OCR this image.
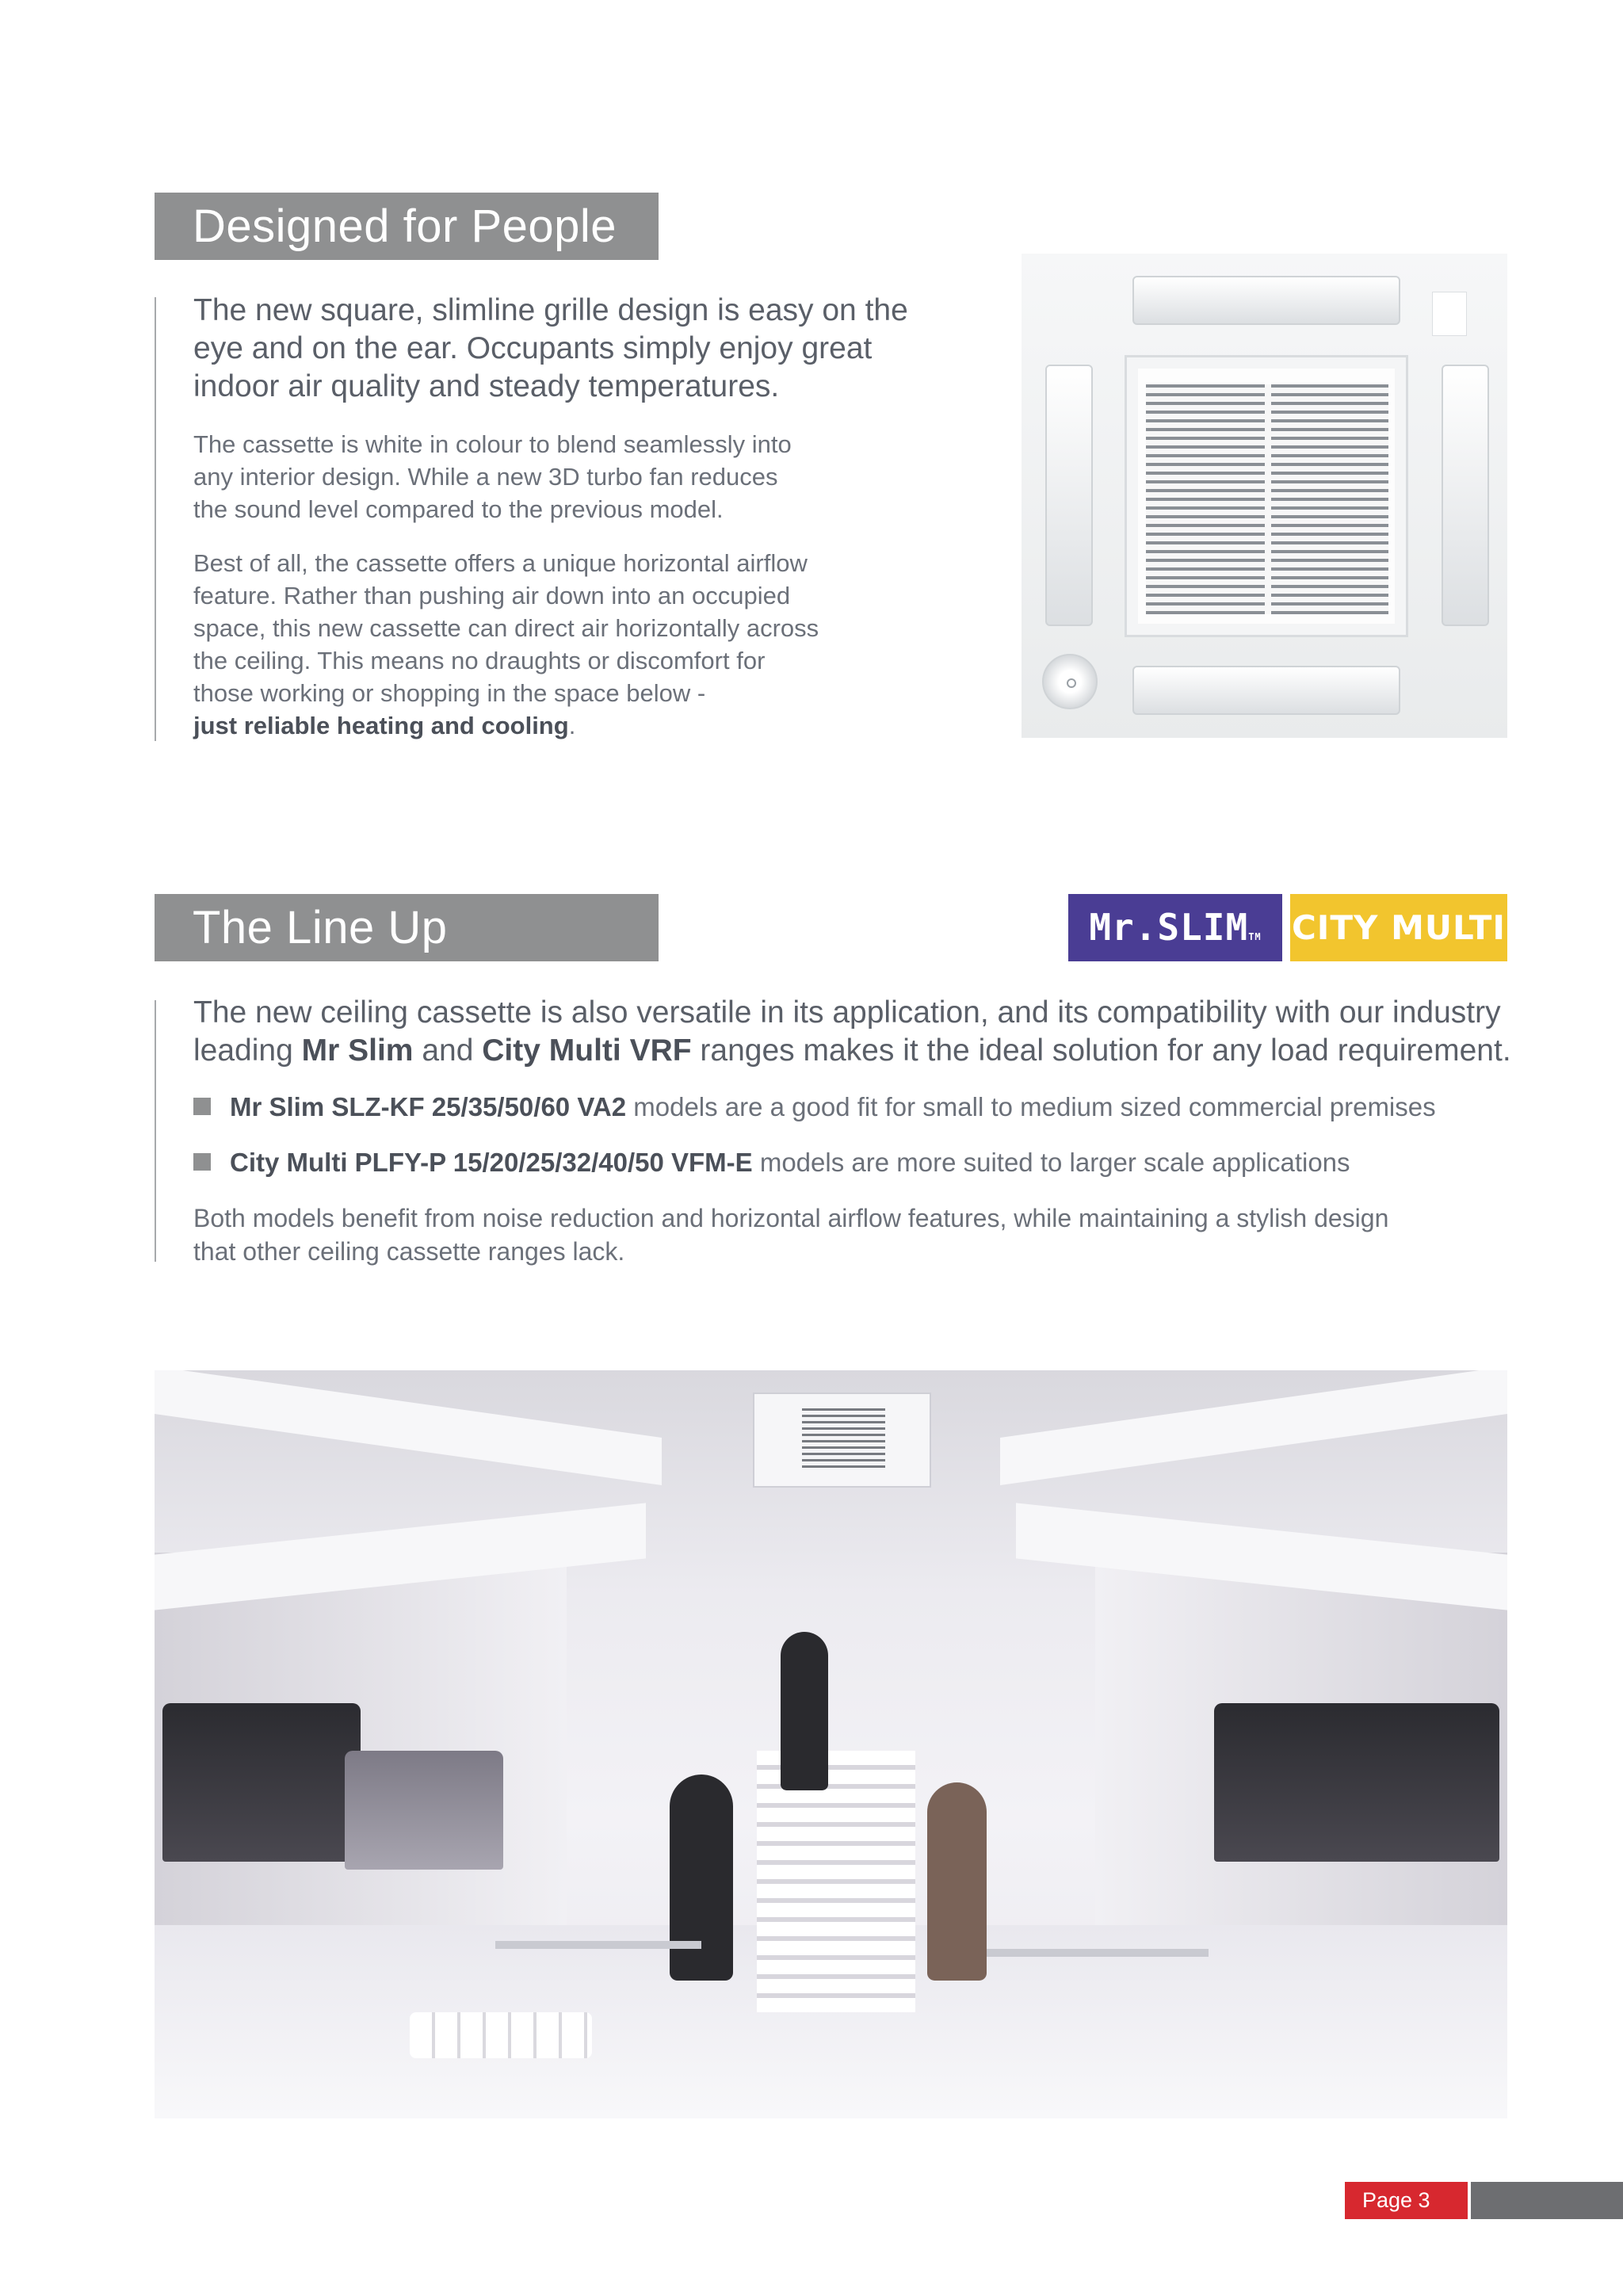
Designed for People
The new square, slimline grille design is easy on the
eye and on the ear. Occupants simply enjoy great
indoor air quality and steady temperatures.
The cassette is white in colour to blend seamlessly into
any interior design. While a new 3D turbo fan reduces
the sound level compared to the previous model.
Best of all, the cassette offers a unique horizontal airflow
feature. Rather than pushing air down into an occupied
space, this new cassette can direct air horizontally across
the ceiling. This means no draughts or discomfort for
those working or shopping in the space below -
just reliable heating and cooling.
The Line Up	Mr.SLIMTM CITY MULTI
The new ceiling cassette is also versatile in its application, and its compatibility with our industry
leading Mr Slim and City Multi VRF ranges makes it the ideal solution for any load requirement.
Mr Slim SLZ-KF 25/35/50/60 VA2 models are a good fit for small to medium sized commercial premises
City Multi PLFY-P 15/20/25/32/40/50 VFM-E models are more suited to larger scale applications
Both models benefit from noise reduction and horizontal airflow features, while maintaining a stylish design
that other ceiling cassette ranges lack.
Page 3
